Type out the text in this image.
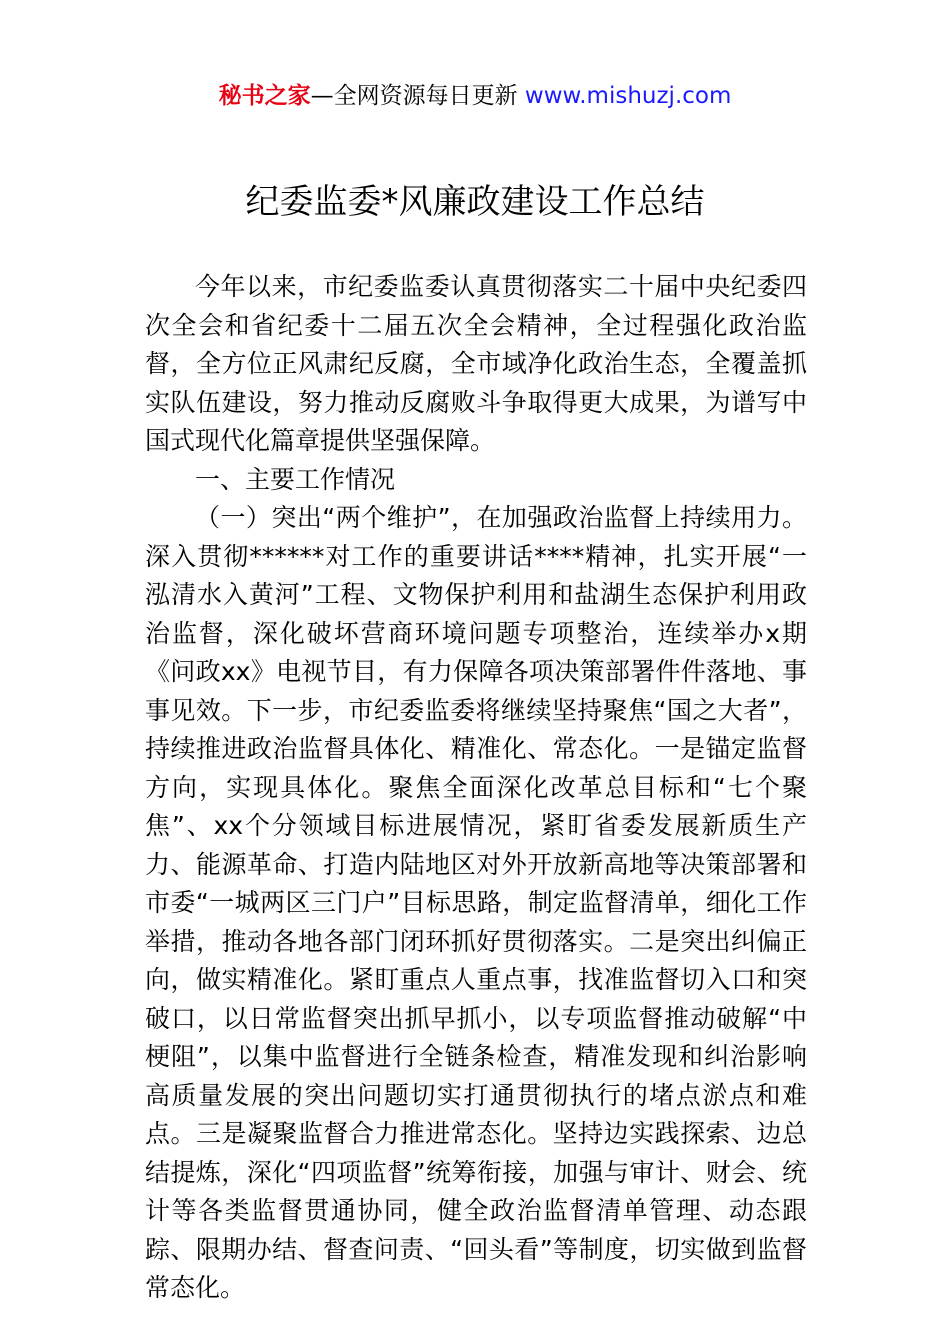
秘书之家—全网资源每日更新 www.mishuzj.com
纪委监委*风廉政建设工作总结

今年以来，市纪委监委认真贯彻落实二十届中央纪委四次全会和省纪委十二届五次全会精神，全过程强化政治监督，全方位正风肃纪反腐，全市域净化政治生态，全覆盖抓实队伍建设，努力推动反腐败斗争取得更大成果，为谱写中国式现代化篇章提供坚强保障。

一、主要工作情况

（一）突出“两个维护”，在加强政治监督上持续用力。深入贯彻******对工作的重要讲话****精神，扎实开展“一泓清水入黄河”工程、文物保护利用和盐湖生态保护利用政治监督，深化破坏营商环境问题专项整治，连续举办x期《问政xx》电视节目，有力保障各项决策部署件件落地、事事见效。下一步，市纪委监委将继续坚持聚焦“国之大者”，持续推进政治监督具体化、精准化、常态化。一是锚定监督方向，实现具体化。聚焦全面深化改革总目标和“七个聚焦”、xx个分领域目标进展情况，紧盯省委发展新质生产力、能源革命、打造内陆地区对外开放新高地等决策部署和市委“一城两区三门户”目标思路，制定监督清单，细化工作举措，推动各地各部门闭环抓好贯彻落实。二是突出纠偏正向，做实精准化。紧盯重点人重点事，找准监督切入口和突破口，以日常监督突出抓早抓小，以专项监督推动破解“中梗阻”，以集中监督进行全链条检查，精准发现和纠治影响高质量发展的突出问题切实打通贯彻执行的堵点淤点和难点。三是凝聚监督合力推进常态化。坚持边实践探索、边总结提炼，深化“四项监督”统筹衔接，加强与审计、财会、统计等各类监督贯通协同，健全政治监督清单管理、动态跟踪、限期办结、督查问责、“回头看”等制度，切实做到监督常态化。
